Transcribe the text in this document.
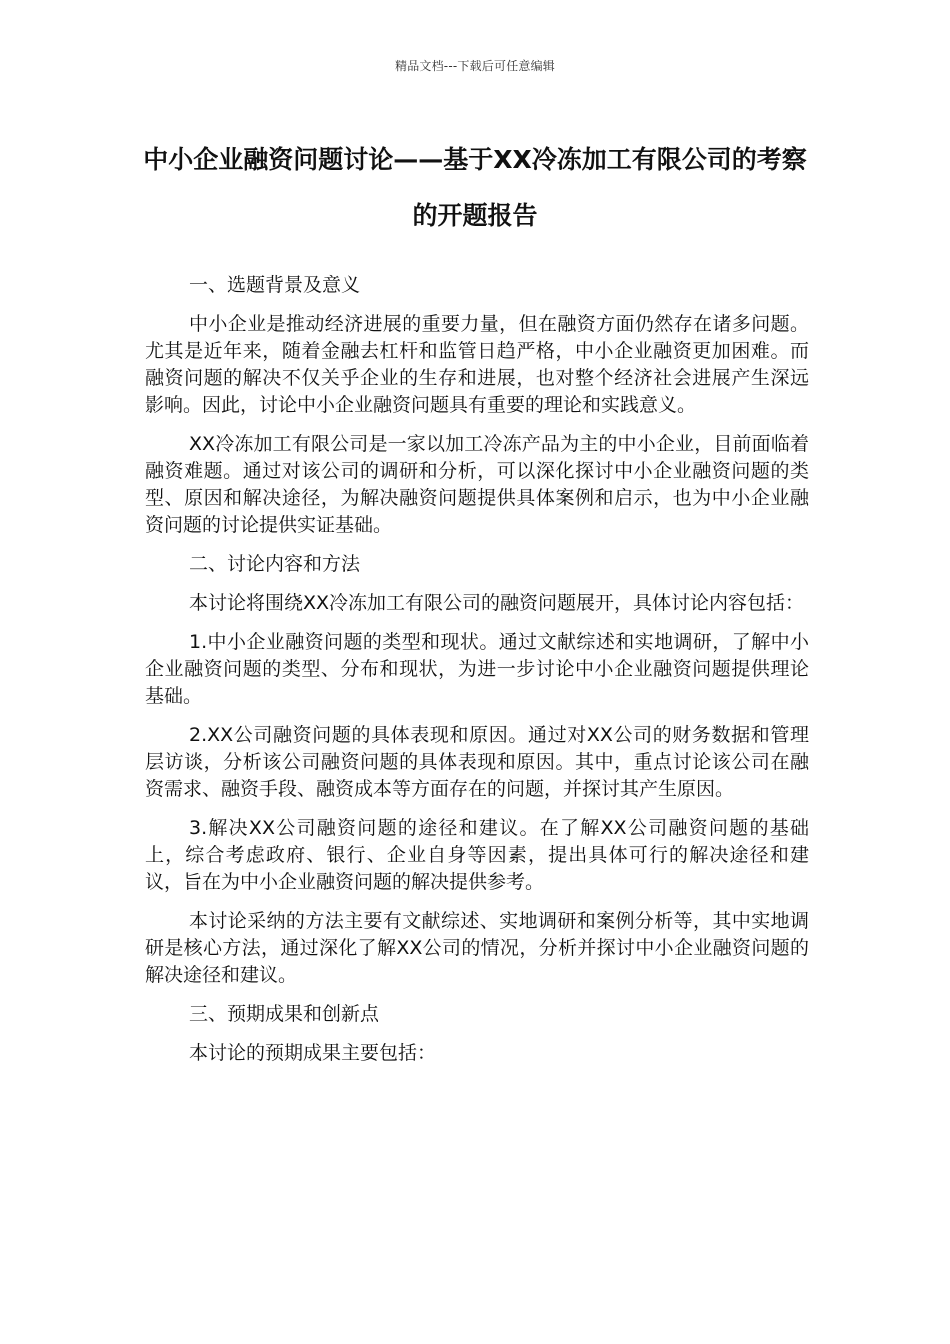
精品文档---下载后可任意编辑
中小企业融资问题讨论——基于XX冷冻加工有限公司的考察的开题报告

一、选题背景及意义

中小企业是推动经济进展的重要力量，但在融资方面仍然存在诸多问题。尤其是近年来，随着金融去杠杆和监管日趋严格，中小企业融资更加困难。而融资问题的解决不仅关乎企业的生存和进展，也对整个经济社会进展产生深远影响。因此，讨论中小企业融资问题具有重要的理论和实践意义。

XX冷冻加工有限公司是一家以加工冷冻产品为主的中小企业，目前面临着融资难题。通过对该公司的调研和分析，可以深化探讨中小企业融资问题的类型、原因和解决途径，为解决融资问题提供具体案例和启示，也为中小企业融资问题的讨论提供实证基础。

二、讨论内容和方法

本讨论将围绕XX冷冻加工有限公司的融资问题展开，具体讨论内容包括：

1.中小企业融资问题的类型和现状。通过文献综述和实地调研，了解中小企业融资问题的类型、分布和现状，为进一步讨论中小企业融资问题提供理论基础。

2.XX公司融资问题的具体表现和原因。通过对XX公司的财务数据和管理层访谈，分析该公司融资问题的具体表现和原因。其中，重点讨论该公司在融资需求、融资手段、融资成本等方面存在的问题，并探讨其产生原因。

3.解决XX公司融资问题的途径和建议。在了解XX公司融资问题的基础上，综合考虑政府、银行、企业自身等因素，提出具体可行的解决途径和建议，旨在为中小企业融资问题的解决提供参考。

本讨论采纳的方法主要有文献综述、实地调研和案例分析等，其中实地调研是核心方法，通过深化了解XX公司的情况，分析并探讨中小企业融资问题的解决途径和建议。

三、预期成果和创新点

本讨论的预期成果主要包括：
